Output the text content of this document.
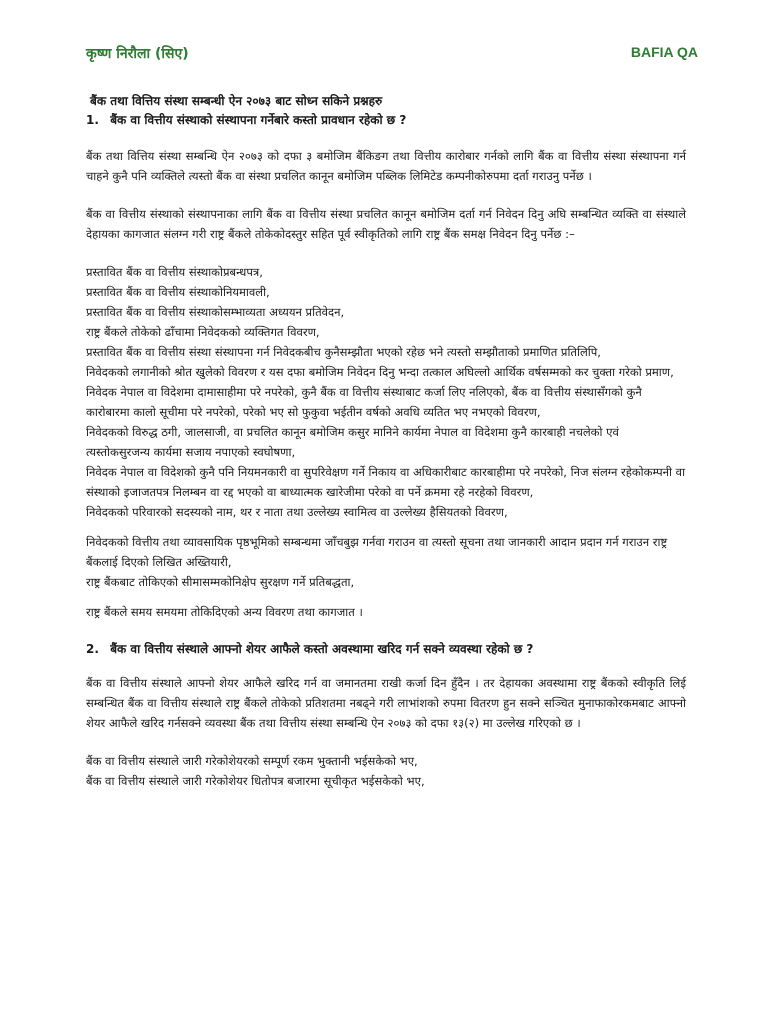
कृष्ण निरौला (सिए)	BAFIA QA
बैंक तथा वित्तिय संस्था सम्बन्धी ऐन २०७३ बाट सोध्न सकिने प्रश्नहरु
1. बैंक वा वित्तीय संस्थाको संस्थापना गर्नेबारे कस्तो प्रावधान रहेको छ ?

बैंक तथा वित्तिय संस्था सम्बन्धि ऐन २०७३ को दफा ३ बमोजिम बैंकिङग तथा वित्तीय कारोबार गर्नको लागि बैंक वा वित्तीय संस्था संस्थापना गर्न चाहने कुनै पनि व्यक्तिले त्यस्तो बैंक वा संस्था प्रचलित कानून बमोजिम पब्लिक लिमिटेड कम्पनीकोरुपमा दर्ता गराउनु पर्नेछ ।

बैंक वा वित्तीय संस्थाको संस्थापनाका लागि बैंक वा वित्तीय संस्था प्रचलित कानून बमोजिम दर्ता गर्न निवेदन दिनु अघि सम्बन्धित व्यक्ति वा संस्थाले देहायका कागजात संलग्न गरी राष्ट्र बैंकले तोकेकोदस्तुर सहित पूर्व स्वीकृतिको लागि राष्ट्र बैंक समक्ष निवेदन दिनु पर्नेछ :–

प्रस्तावित बैंक वा वित्तीय संस्थाकोप्रबन्धपत्र,
प्रस्तावित बैंक वा वित्तीय संस्थाकोनियमावली,
प्रस्तावित बैंक वा वित्तीय संस्थाकोसम्भाव्यता अध्ययन प्रतिवेदन,
राष्ट्र बैंकले तोकेको ढाँचामा निवेदकको व्यक्तिगत विवरण,
प्रस्तावित बैंक वा वित्तीय संस्था संस्थापना गर्न निवेदकबीच कुनैसम्झौता भएको रहेछ भने त्यस्तो सम्झौताको प्रमाणित प्रतिलिपि,
निवेदकको लगानीको श्रोत खुलेको विवरण र यस दफा बमोजिम निवेदन दिनु भन्दा तत्काल अघिल्लो आर्थिक वर्षसम्मको कर चुक्ता गरेको प्रमाण,
निवेदक नेपाल वा विदेशमा दामासाहीमा परे नपरेको, कुनै बैंक वा वित्तीय संस्थाबाट कर्जा लिए नलिएको, बैंक वा वित्तीय संस्थासँगको कुनै कारोबारमा कालो सूचीमा परे नपरेको, परेको भए सो फुकुवा भईतीन वर्षको अवधि व्यतित भए नभएको विवरण,
निवेदकको विरुद्ध ठगी, जालसाजी, वा प्रचलित कानून बमोजिम कसुर मानिने कार्यमा नेपाल वा विदेशमा कुनै कारबाही नचलेको एवं त्यस्तोकसुरजन्य कार्यमा सजाय नपाएको स्वघोषणा,
निवेदक नेपाल वा विदेशको कुनै पनि नियमनकारी वा सुपरिवेक्षण गर्ने निकाय वा अधिकारीबाट कारबाहीमा परे नपरेको, निज संलग्न रहेकोकम्पनी वा संस्थाको इजाजतपत्र निलम्बन वा रद्द भएको वा बाध्यात्मक खारेजीमा परेको वा पर्ने क्रममा रहे नरहेको विवरण,
निवेदकको परिवारको सदस्यको नाम, थर र नाता तथा उल्लेख्य स्वामित्व वा उल्लेख्य हैसियतको विवरण,
निवेदकको वित्तीय तथा व्यावसायिक पृष्ठभूमिको सम्बन्धमा जाँचबुझ गर्नवा गराउन वा त्यस्तो सूचना तथा जानकारी आदान प्रदान गर्न गराउन राष्ट्र बैंकलाई दिएको लिखित अख्तियारी,
राष्ट्र बैंकबाट तोकिएको सीमासम्मकोनिक्षेप सुरक्षण गर्ने प्रतिबद्धता,
राष्ट्र बैंकले समय समयमा तोकिदिएको अन्य विवरण तथा कागजात ।
2. बैंक वा वित्तीय संस्थाले आफ्नो शेयर आफैले कस्तो अवस्थामा खरिद गर्न सक्ने व्यवस्था रहेको छ ?

बैंक वा वित्तीय संस्थाले आफ्नो शेयर आफैले खरिद गर्न वा जमानतमा राखी कर्जा दिन हुँदैन । तर देहायका अवस्थामा राष्ट्र बैंकको स्वीकृति लिई सम्बन्धित बैंक वा वित्तीय संस्थाले राष्ट्र बैंकले तोकेको प्रतिशतमा नबढ्ने गरी लाभांशको रुपमा वितरण हुन सक्ने सञ्चित मुनाफाकोरकमबाट आफ्नो शेयर आफैले खरिद गर्नसक्ने व्यवस्था बैंक तथा वित्तीय संस्था सम्बन्धि ऐन २०७३ को दफा १३(२) मा उल्लेख गरिएको छ ।

बैंक वा वित्तीय संस्थाले जारी गरेकोशेयरको सम्पूर्ण रकम भुक्तानी भईसकेको भए,
बैंक वा वित्तीय संस्थाले जारी गरेकोशेयर धितोपत्र बजारमा सूचीकृत भईसकेको भए,
